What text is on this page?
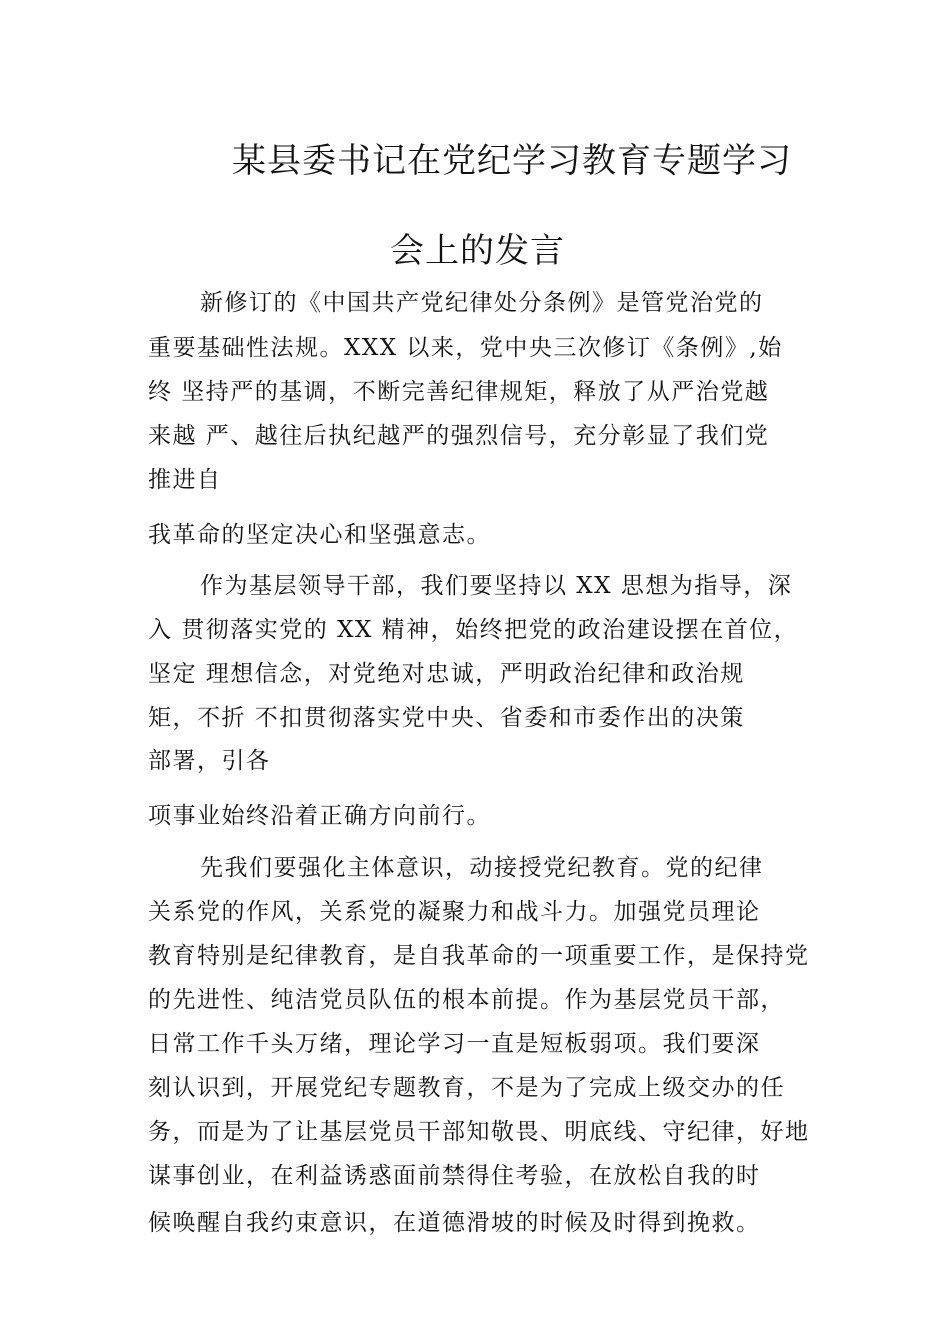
某县委书记在党纪学习教育专题学习
会上的发言
新修订的《中国共产党纪律处分条例》是管党治党的
重要基础性法规。XXX 以来，党中央三次修订《条例》,始
终 坚持严的基调，不断完善纪律规矩，释放了从严治党越
来越 严、越往后执纪越严的强烈信号，充分彰显了我们党
推进自
我革命的坚定决心和坚强意志。
作为基层领导干部，我们要坚持以 XX 思想为指导，深
入 贯彻落实党的 XX 精神，始终把党的政治建设摆在首位，
坚定 理想信念，对党绝对忠诚，严明政治纪律和政治规
矩，不折 不扣贯彻落实党中央、省委和市委作出的决策
部署，引各
项事业始终沿着正确方向前行。
先我们要强化主体意识，动接授党纪教育。党的纪律
关系党的作风，关系党的凝聚力和战斗力。加强党员理论
教育特别是纪律教育，是自我革命的一项重要工作，是保持党
的先进性、纯洁党员队伍的根本前提。作为基层党员干部，
日常工作千头万绪，理论学习一直是短板弱项。我们要深
刻认识到，开展党纪专题教育，不是为了完成上级交办的任
务，而是为了让基层党员干部知敬畏、明底线、守纪律，好地
谋事创业，在利益诱惑面前禁得住考验，在放松自我的时
候唤醒自我约束意识，在道德滑坡的时候及时得到挽救。
